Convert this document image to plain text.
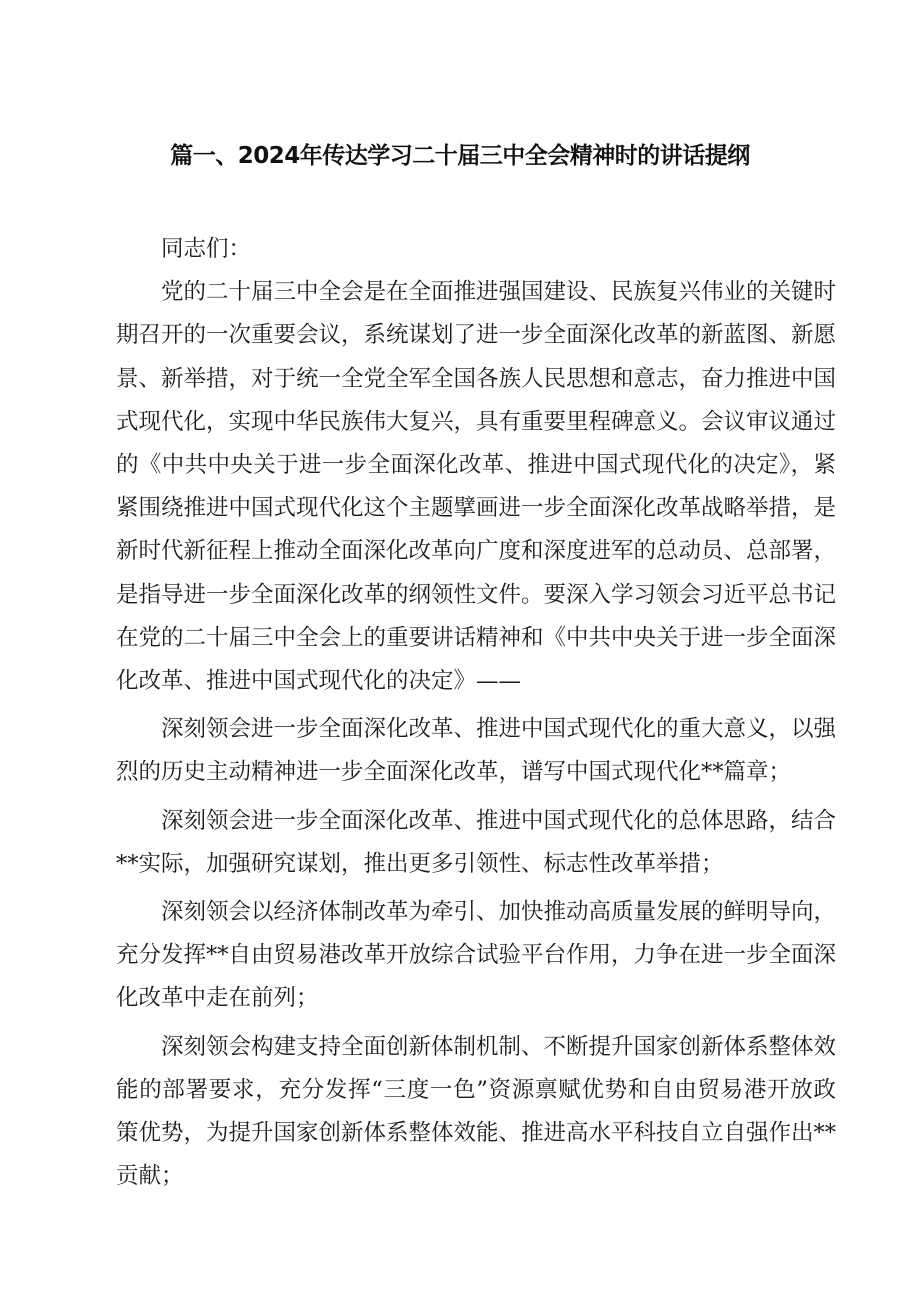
篇一、2024年传达学习二十届三中全会精神时的讲话提纲

同志们：

党的二十届三中全会是在全面推进强国建设、民族复兴伟业的关键时期召开的一次重要会议，系统谋划了进一步全面深化改革的新蓝图、新愿景、新举措，对于统一全党全军全国各族人民思想和意志，奋力推进中国式现代化，实现中华民族伟大复兴，具有重要里程碑意义。会议审议通过的《中共中央关于进一步全面深化改革、推进中国式现代化的决定》，紧紧围绕推进中国式现代化这个主题擘画进一步全面深化改革战略举措，是新时代新征程上推动全面深化改革向广度和深度进军的总动员、总部署，是指导进一步全面深化改革的纲领性文件。要深入学习领会习近平总书记在党的二十届三中全会上的重要讲话精神和《中共中央关于进一步全面深化改革、推进中国式现代化的决定》——

深刻领会进一步全面深化改革、推进中国式现代化的重大意义，以强烈的历史主动精神进一步全面深化改革，谱写中国式现代化**篇章；

深刻领会进一步全面深化改革、推进中国式现代化的总体思路，结合**实际，加强研究谋划，推出更多引领性、标志性改革举措；

深刻领会以经济体制改革为牵引、加快推动高质量发展的鲜明导向，充分发挥**自由贸易港改革开放综合试验平台作用，力争在进一步全面深化改革中走在前列；

深刻领会构建支持全面创新体制机制、不断提升国家创新体系整体效能的部署要求，充分发挥“三度一色”资源禀赋优势和自由贸易港开放政策优势，为提升国家创新体系整体效能、推进高水平科技自立自强作出**贡献；
